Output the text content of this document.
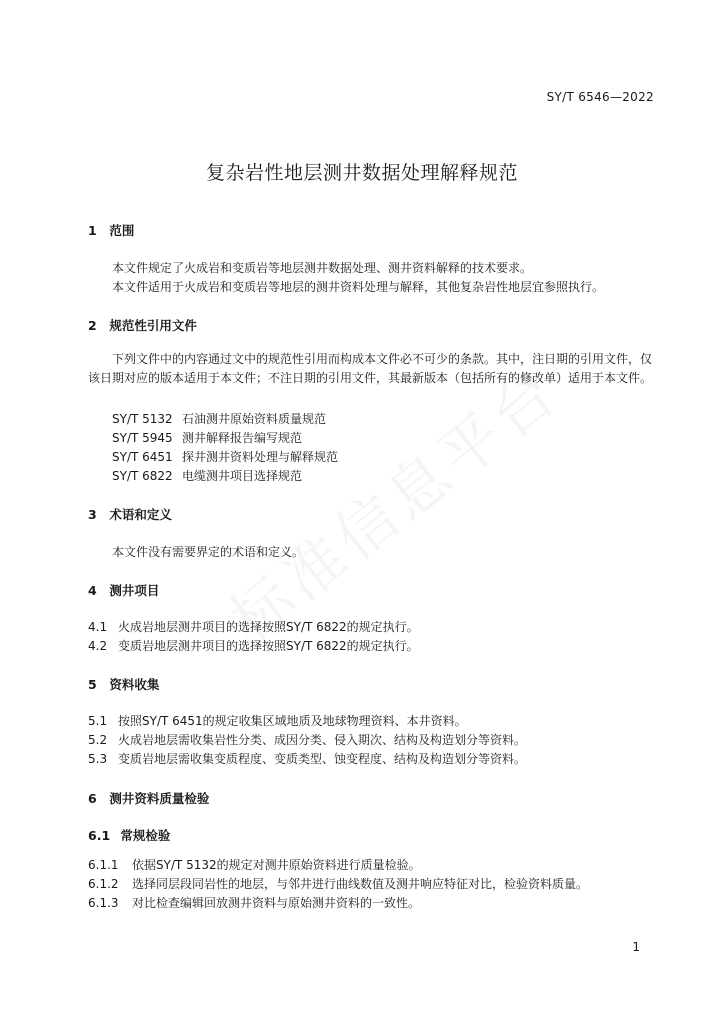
SY/T 6546—2022
复杂岩性地层测井数据处理解释规范
1 范围
本文件规定了火成岩和变质岩等地层测井数据处理、测井资料解释的技术要求。
本文件适用于火成岩和变质岩等地层的测井资料处理与解释，其他复杂岩性地层宜参照执行。
2 规范性引用文件
下列文件中的内容通过文中的规范性引用而构成本文件必不可少的条款。其中，注日期的引用文件，仅该日期对应的版本适用于本文件；不注日期的引用文件，其最新版本（包括所有的修改单）适用于本文件。
SY/T 5132 石油测井原始资料质量规范
SY/T 5945 测井解释报告编写规范
SY/T 6451 探井测井资料处理与解释规范
SY/T 6822 电缆测井项目选择规范
3 术语和定义
本文件没有需要界定的术语和定义。
4 测井项目
4.1 火成岩地层测井项目的选择按照SY/T 6822的规定执行。
4.2 变质岩地层测井项目的选择按照SY/T 6822的规定执行。
5 资料收集
5.1 按照SY/T 6451的规定收集区域地质及地球物理资料、本井资料。
5.2 火成岩地层需收集岩性分类、成因分类、侵入期次、结构及构造划分等资料。
5.3 变质岩地层需收集变质程度、变质类型、蚀变程度、结构及构造划分等资料。
6 测井资料质量检验
6.1 常规检验
6.1.1 依据SY/T 5132的规定对测井原始资料进行质量检验。
6.1.2 选择同层段同岩性的地层，与邻井进行曲线数值及测井响应特征对比，检验资料质量。
6.1.3 对比检查编辑回放测井资料与原始测井资料的一致性。
1
